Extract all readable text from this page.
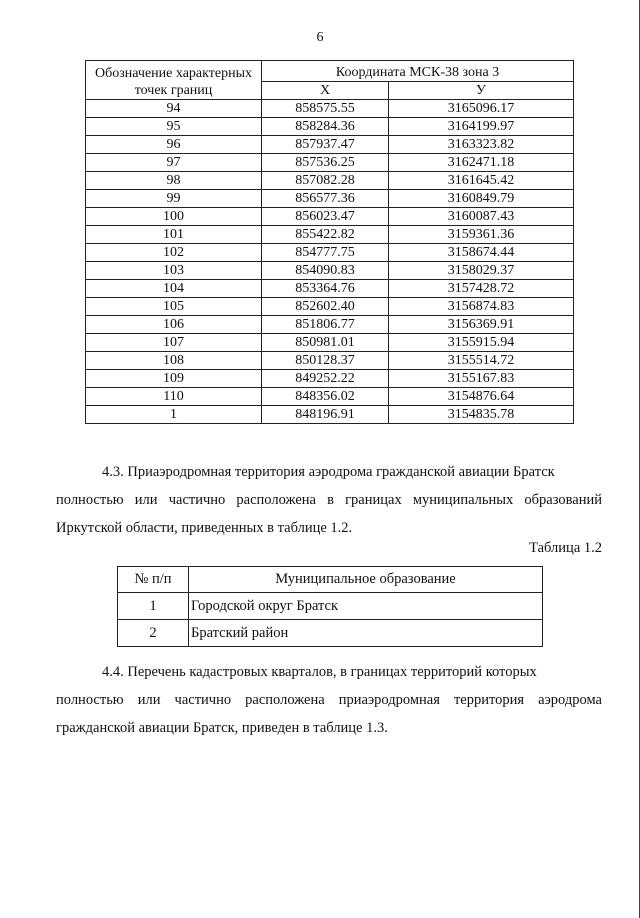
6
Обозначение характерных точек границ	Координата МСК-38 зона 3	
	Х	У
94	858575.55	3165096.17
95	858284.36	3164199.97
96	857937.47	3163323.82
97	857536.25	3162471.18
98	857082.28	3161645.42
99	856577.36	3160849.79
100	856023.47	3160087.43
101	855422.82	3159361.36
102	854777.75	3158674.44
103	854090.83	3158029.37
104	853364.76	3157428.72
105	852602.40	3156874.83
106	851806.77	3156369.91
107	850981.01	3155915.94
108	850128.37	3155514.72
109	849252.22	3155167.83
110	848356.02	3154876.64
1	848196.91	3154835.78

4.3. Приаэродромная территория аэродрома гражданской авиации Братск
полностью или частично расположена в границах муниципальных образований Иркутской области, приведенных в таблице 1.2.

Таблица 1.2
№ п/п	Муниципальное образование
1	Городской округ Братск
2	Братский район

4.4. Перечень кадастровых кварталов, в границах территорий которых
полностью или частично расположена приаэродромная территория аэродрома гражданской авиации Братск, приведен в таблице 1.3.
